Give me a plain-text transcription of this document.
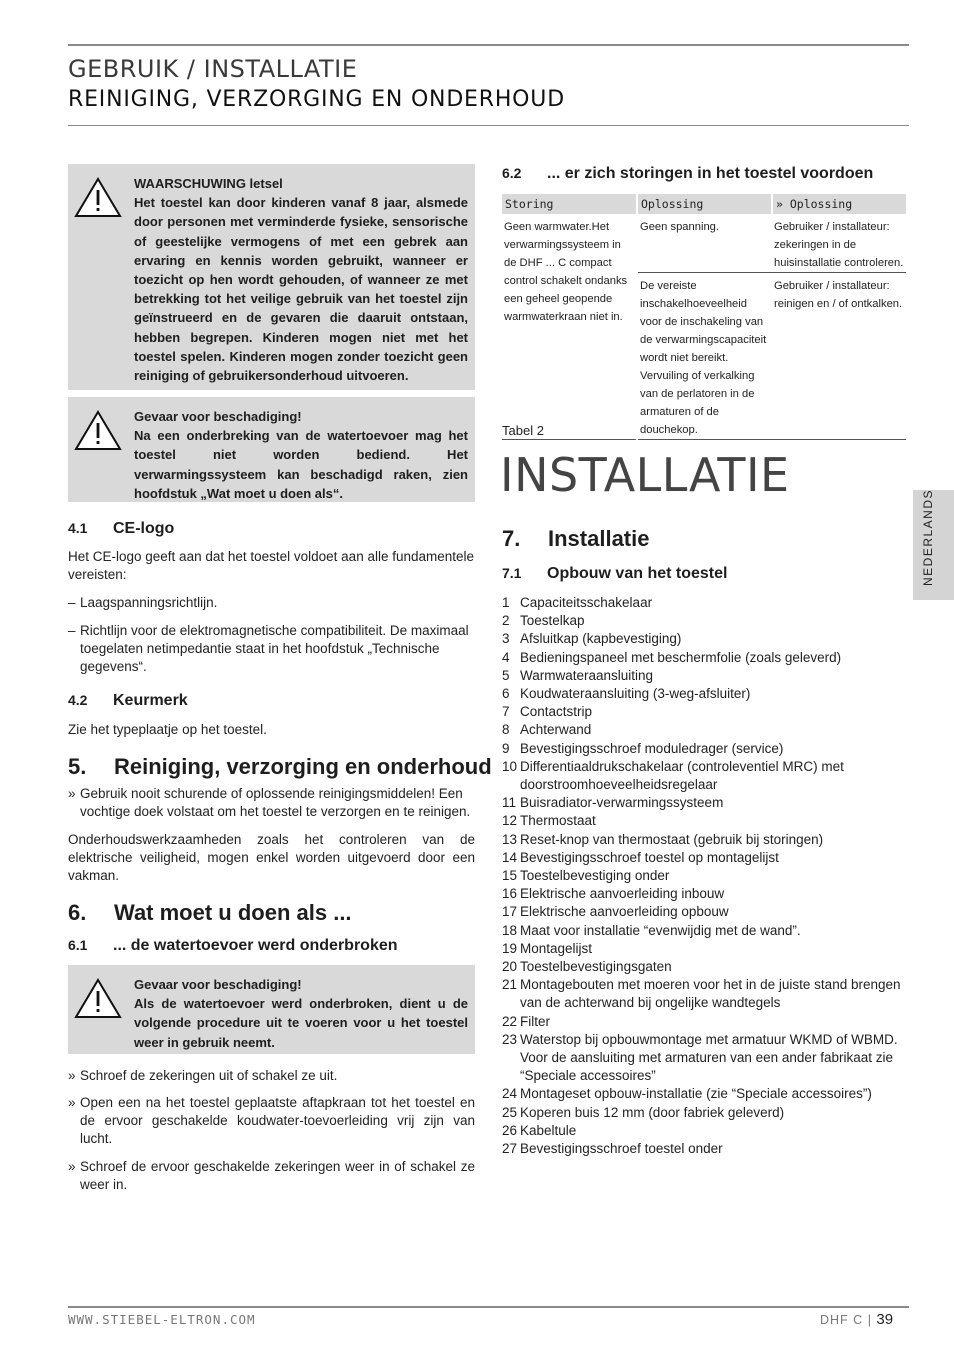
GEBRUIK / INSTALLATIE
REINIGING, VERZORGING EN ONDERHOUD
WAARSCHUWING letsel
Het toestel kan door kinderen vanaf 8 jaar, alsmede door personen met verminderde fysieke, sensorische of geestelijke vermogens of met een gebrek aan ervaring en kennis worden gebruikt, wanneer er toezicht op hen wordt gehouden, of wanneer ze met betrekking tot het veilige gebruik van het toestel zijn geïnstrueerd en de gevaren die daaruit ontstaan, hebben begrepen. Kinderen mogen niet met het toestel spelen. Kinderen mogen zonder toezicht geen reiniging of gebruikersonderhoud uitvoeren.
Gevaar voor beschadiging!
Na een onderbreking van de watertoevoer mag het toestel niet worden bediend. Het verwarmingssysteem kan beschadigd raken, zien hoofdstuk „Wat moet u doen als“.
4.1 CE-logo
Het CE-logo geeft aan dat het toestel voldoet aan alle fundamentele vereisten:
– Laagspanningsrichtlijn.
– Richtlijn voor de elektromagnetische compatibiliteit. De maximaal toegelaten netimpedantie staat in het hoofdstuk „Technische gegevens“.
4.2 Keurmerk
Zie het typeplaatje op het toestel.
5. Reiniging, verzorging en onderhoud
» Gebruik nooit schurende of oplossende reinigingsmiddelen! Een vochtige doek volstaat om het toestel te verzorgen en te reinigen.
Onderhoudswerkzaamheden zoals het controleren van de elektrische veiligheid, mogen enkel worden uitgevoerd door een vakman.
6. Wat moet u doen als ...
6.1 ... de watertoevoer werd onderbroken
Gevaar voor beschadiging!
Als de watertoevoer werd onderbroken, dient u de volgende procedure uit te voeren voor u het toestel weer in gebruik neemt.
» Schroef de zekeringen uit of schakel ze uit.
» Open een na het toestel geplaatste aftapkraan tot het toestel en de ervoor geschakelde koudwater-toevoerleiding vrij zijn van lucht.
» Schroef de ervoor geschakelde zekeringen weer in of schakel ze weer in.
6.2 ... er zich storingen in het toestel voordoen
Storing	Oplossing	» Oplossing
Geen warmwater.Het verwarmingssysteem in de DHF ... C compact control schakelt ondanks een geheel geopende warmwaterkraan niet in.	Geen spanning.	Gebruiker / installateur: zekeringen in de huisinstallatie controleren.
	De vereiste inschakelhoeveelheid voor de inschakeling van de verwarmingscapaciteit wordt niet bereikt. Vervuiling of verkalking van de perlatoren in de armaturen of de douchekop.	Gebruiker / installateur: reinigen en / of ontkalken.
Tabel 2
INSTALLATIE
7. Installatie
7.1 Opbouw van het toestel
1 Capaciteitsschakelaar
2 Toestelkap
3 Afsluitkap (kapbevestiging)
4 Bedieningspaneel met beschermfolie (zoals geleverd)
5 Warmwateraansluiting
6 Koudwateraansluiting (3-weg-afsluiter)
7 Contactstrip
8 Achterwand
9 Bevestigingsschroef moduledrager (service)
10 Differentiaaldrukschakelaar (controleventiel MRC) met doorstroomhoeveelheidsregelaar
11 Buisradiator-verwarmingssysteem
12 Thermostaat
13 Reset-knop van thermostaat (gebruik bij storingen)
14 Bevestigingsschroef toestel op montagelijst
15 Toestelbevestiging onder
16 Elektrische aanvoerleiding inbouw
17 Elektrische aanvoerleiding opbouw
18 Maat voor installatie “evenwijdig met de wand”.
19 Montagelijst
20 Toestelbevestigingsgaten
21 Montagebouten met moeren voor het in de juiste stand brengen van de achterwand bij ongelijke wandtegels
22 Filter
23 Waterstop bij opbouwmontage met armatuur WKMD of WBMD. Voor de aansluiting met armaturen van een ander fabrikaat zie “Speciale accessoires”
24 Montageset opbouw-installatie (zie “Speciale accessoires”)
25 Koperen buis 12 mm (door fabriek geleverd)
26 Kabeltule
27 Bevestigingsschroef toestel onder
NEDERLANDS
WWW.STIEBEL-ELTRON.COM	DHF C | 39
